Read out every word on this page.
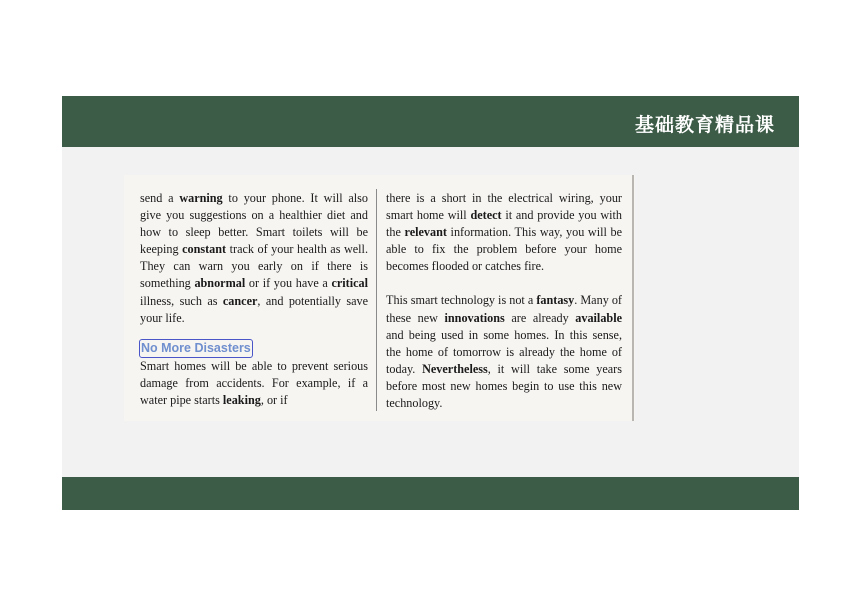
基础教育精品课

send a warning to your phone. It will also give you suggestions on a healthier diet and how to sleep better. Smart toilets will be keeping constant track of your health as well. They can warn you early on if there is something abnormal or if you have a critical illness, such as cancer, and potentially save your life.

No More Disasters

Smart homes will be able to prevent serious damage from accidents. For example, if a water pipe starts leaking, or if

there is a short in the electrical wiring, your smart home will detect it and provide you with the relevant information. This way, you will be able to fix the problem before your home becomes flooded or catches fire.

This smart technology is not a fantasy. Many of these new innovations are already available and being used in some homes. In this sense, the home of tomorrow is already the home of today. Nevertheless, it will take some years before most new homes begin to use this new technology.
